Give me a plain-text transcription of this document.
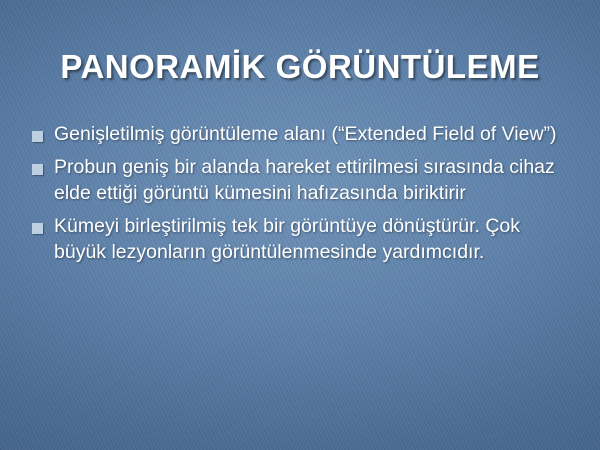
PANORAMİK GÖRÜNTÜLEME
Genişletilmiş görüntüleme alanı (“Extended Field of View”)
Probun geniş bir alanda hareket ettirilmesi sırasında cihaz elde ettiği görüntü kümesini hafızasında biriktirir
Kümeyi birleştirilmiş tek bir görüntüye dönüştürür. Çok büyük lezyonların görüntülenmesinde yardımcıdır.
